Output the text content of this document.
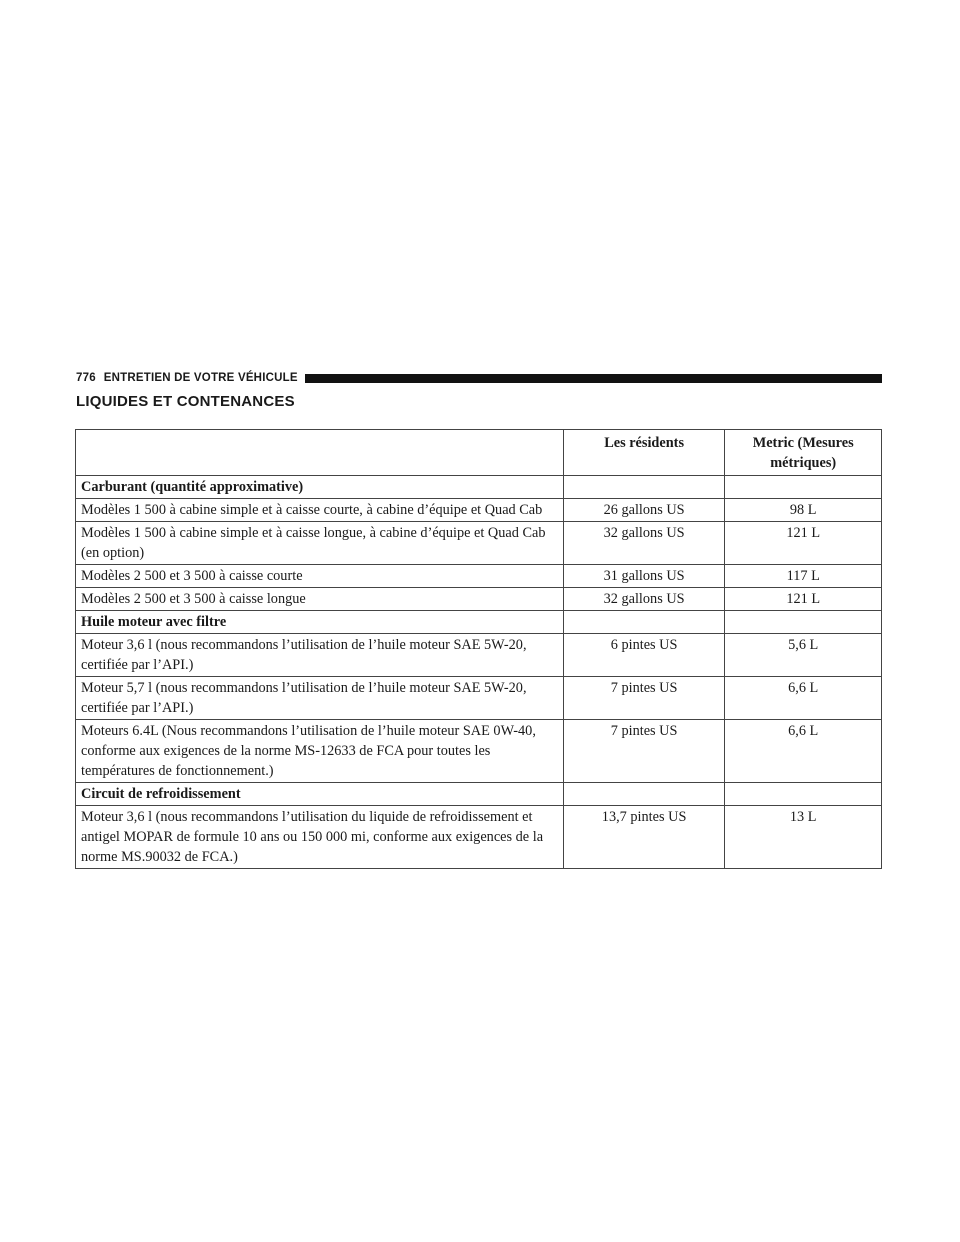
776 ENTRETIEN DE VOTRE VÉHICULE
LIQUIDES ET CONTENANCES
	Les résidents	Metric (Mesures métriques)
Carburant (quantité approximative)		
Modèles 1 500 à cabine simple et à caisse courte, à cabine d’équipe et Quad Cab	26 gallons US	98 L
Modèles 1 500 à cabine simple et à caisse longue, à cabine d’équipe et Quad Cab (en option)	32 gallons US	121 L
Modèles 2 500 et 3 500 à caisse courte	31 gallons US	117 L
Modèles 2 500 et 3 500 à caisse longue	32 gallons US	121 L
Huile moteur avec filtre		
Moteur 3,6 l (nous recommandons l’utilisation de l’huile moteur SAE 5W-20, certifiée par l’API.)	6 pintes US	5,6 L
Moteur 5,7 l (nous recommandons l’utilisation de l’huile moteur SAE 5W-20, certifiée par l’API.)	7 pintes US	6,6 L
Moteurs 6.4L (Nous recommandons l’utilisation de l’huile moteur SAE 0W-40, conforme aux exigences de la norme MS-12633 de FCA pour toutes les températures de fonctionnement.)	7 pintes US	6,6 L
Circuit de refroidissement		
Moteur 3,6 l (nous recommandons l’utilisation du liquide de refroidissement et antigel MOPAR de formule 10 ans ou 150 000 mi, conforme aux exigences de la norme MS.90032 de FCA.)	13,7 pintes US	13 L
